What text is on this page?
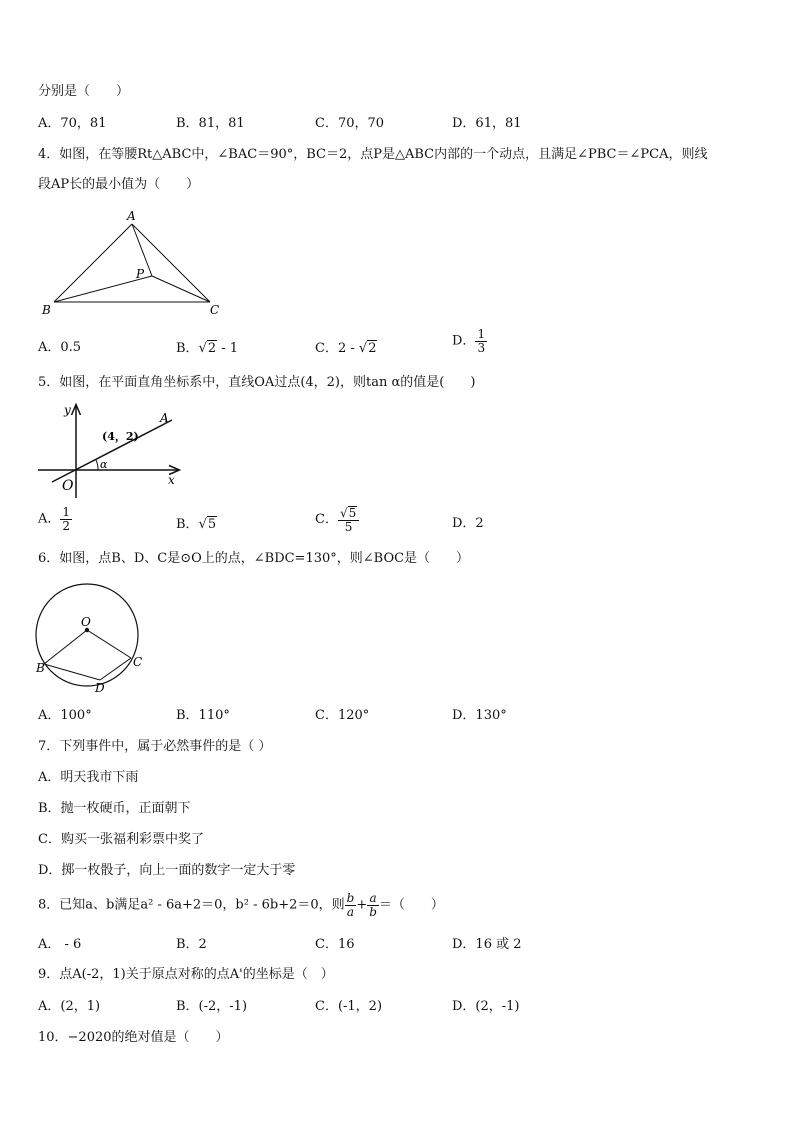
分别是（　　）
A．70，81	B．81，81	C．70，70	D．61，81
4．如图，在等腰Rt△ABC中，∠BAC＝90°，BC＝2，点P是△ABC内部的一个动点，且满足∠PBC＝∠PCA，则线
段AP长的最小值为（　　）
A
B	C
P
A．0.5	B．√2 - 1	C．2 - √2	D． $\frac{1}{3}$
5．如图，在平面直角坐标系中，直线OA过点(4，2)，则tan α的值是(　　)
y
x
O
A
(4，2)
α
A． $\frac{1}{2}$	B．√5	C． $\frac{√5}{5}$	D．2
6．如图，点B、D、C是⊙O上的点，∠BDC=130°，则∠BOC是（　　）
O
B	C
D
A．100°	B．110°	C．120°	D．130°
7．下列事件中，属于必然事件的是（ ）
A．明天我市下雨
B．抛一枚硬币，正面朝下
C．购买一张福利彩票中奖了
D．掷一枚骰子，向上一面的数字一定大于零
8．已知a、b满足a² - 6a+2＝0，b² - 6b+2＝0，则 $\frac{b}{a} + \frac{a}{b}$ ＝（　　）
A． - 6	B．2	C．16	D．16 或 2
9．点A(-2，1)关于原点对称的点A'的坐标是（　）
A．(2，1)	B．(-2，-1)	C．(-1，2)	D．(2，-1)
10．−2020的绝对值是（　　）
